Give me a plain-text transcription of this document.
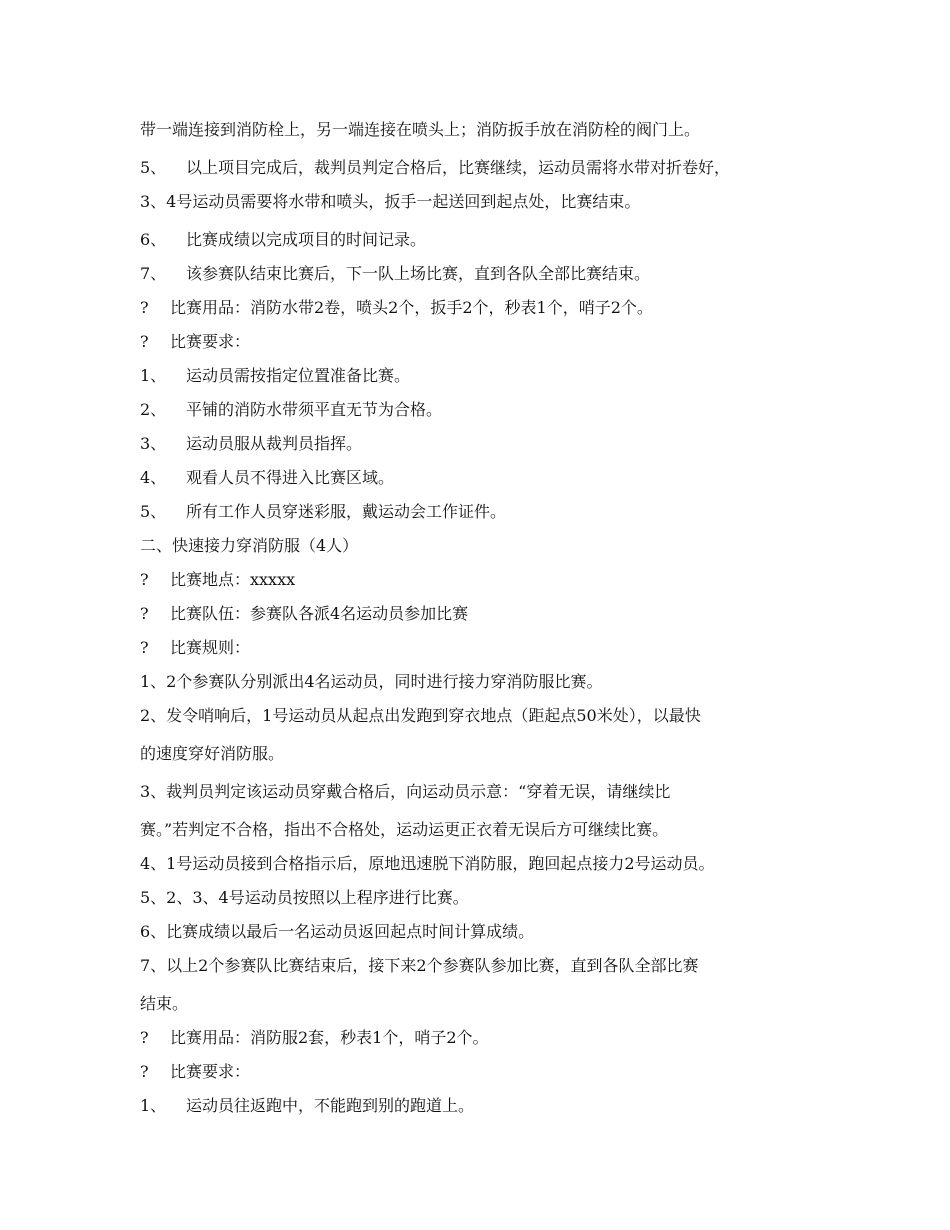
带一端连接到消防栓上，另一端连接在喷头上；消防扳手放在消防栓的阀门上。
5、 以上项目完成后，裁判员判定合格后，比赛继续，运动员需将水带对折卷好，
3、4号运动员需要将水带和喷头，扳手一起送回到起点处，比赛结束。
6、 比赛成绩以完成项目的时间记录。
7、 该参赛队结束比赛后，下一队上场比赛，直到各队全部比赛结束。
? 比赛用品：消防水带2卷，喷头2个，扳手2个，秒表1个，哨子2个。
? 比赛要求：
1、 运动员需按指定位置准备比赛。
2、 平铺的消防水带须平直无节为合格。
3、 运动员服从裁判员指挥。
4、 观看人员不得进入比赛区域。
5、 所有工作人员穿迷彩服，戴运动会工作证件。
二、快速接力穿消防服（4人）
? 比赛地点：xxxxx
? 比赛队伍：参赛队各派4名运动员参加比赛
? 比赛规则：
1、2个参赛队分别派出4名运动员，同时进行接力穿消防服比赛。
2、发令哨响后，1号运动员从起点出发跑到穿衣地点（距起点50米处），以最快
的速度穿好消防服。
3、裁判员判定该运动员穿戴合格后，向运动员示意：“穿着无误，请继续比
赛。”若判定不合格，指出不合格处，运动运更正衣着无误后方可继续比赛。
4、1号运动员接到合格指示后，原地迅速脱下消防服，跑回起点接力2号运动员。
5、2、3、4号运动员按照以上程序进行比赛。
6、比赛成绩以最后一名运动员返回起点时间计算成绩。
7、以上2个参赛队比赛结束后，接下来2个参赛队参加比赛，直到各队全部比赛
结束。
? 比赛用品：消防服2套，秒表1个，哨子2个。
? 比赛要求：
1、 运动员往返跑中，不能跑到别的跑道上。
